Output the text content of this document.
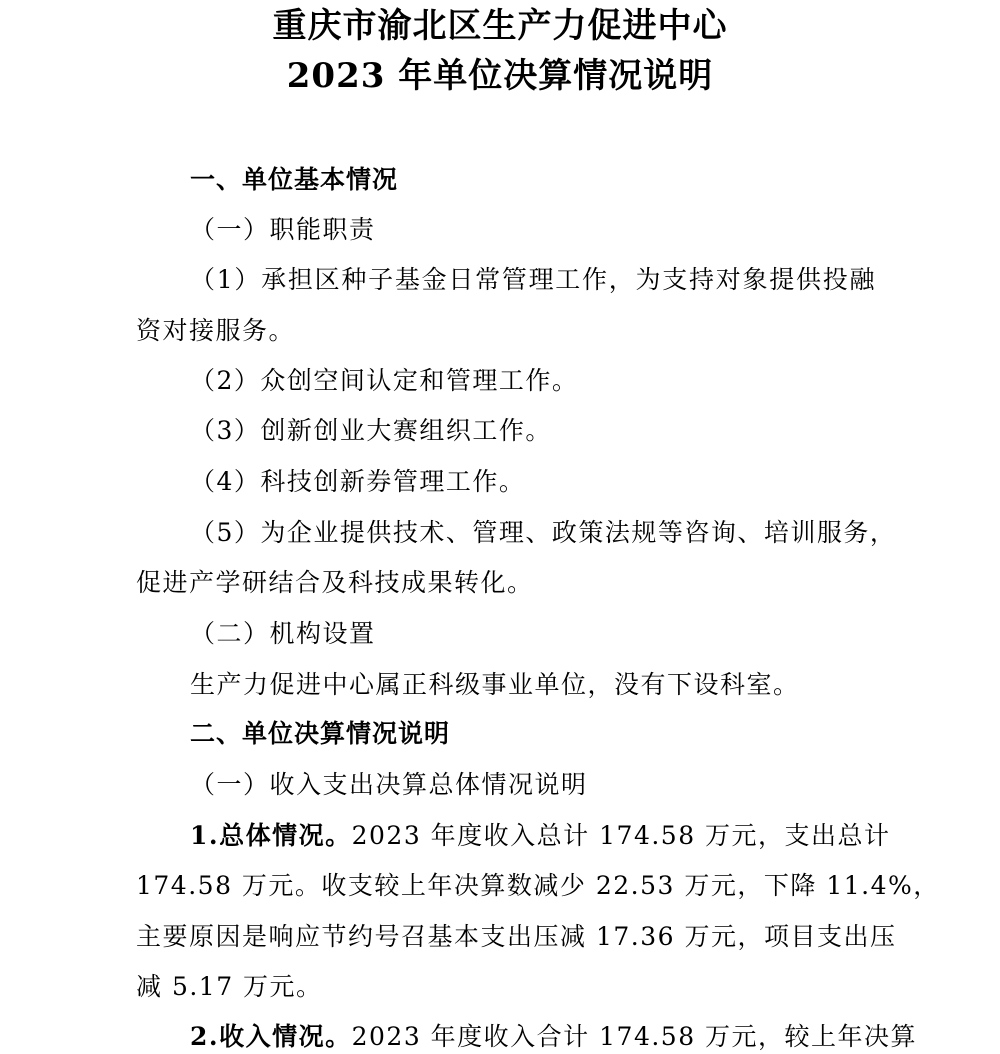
重庆市渝北区生产力促进中心
2023 年单位决算情况说明
一、单位基本情况
（一）职能职责
（1）承担区种子基金日常管理工作，为支持对象提供投融
资对接服务。
（2）众创空间认定和管理工作。
（3）创新创业大赛组织工作。
（4）科技创新券管理工作。
（5）为企业提供技术、管理、政策法规等咨询、培训服务，
促进产学研结合及科技成果转化。
（二）机构设置
生产力促进中心属正科级事业单位，没有下设科室。
二、单位决算情况说明
（一）收入支出决算总体情况说明
1.总体情况。2023 年度收入总计 174.58 万元，支出总计
174.58 万元。收支较上年决算数减少 22.53 万元，下降 11.4%，
主要原因是响应节约号召基本支出压减 17.36 万元，项目支出压
减 5.17 万元。
2.收入情况。2023 年度收入合计 174.58 万元，较上年决算
